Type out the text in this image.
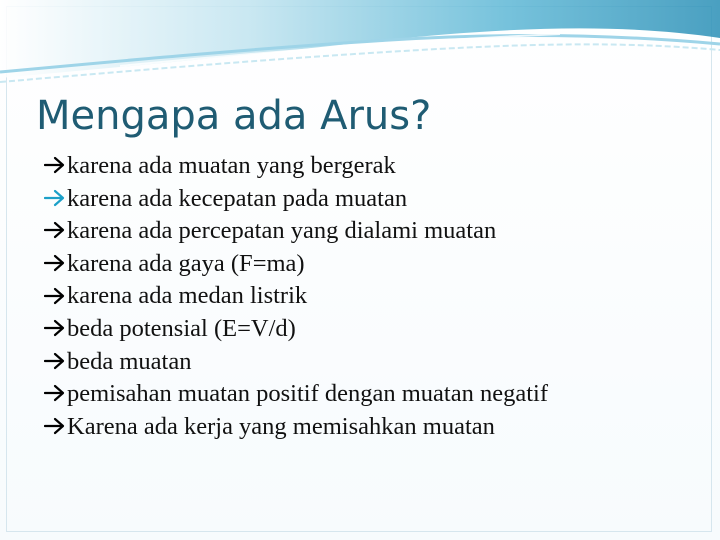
Mengapa ada Arus?
karena ada muatan yang bergerak
karena ada kecepatan pada muatan
karena ada percepatan yang dialami muatan
karena ada gaya (F=ma)
karena ada medan listrik
beda potensial (E=V/d)
beda muatan
pemisahan muatan positif dengan muatan negatif
Karena ada kerja yang memisahkan muatan
